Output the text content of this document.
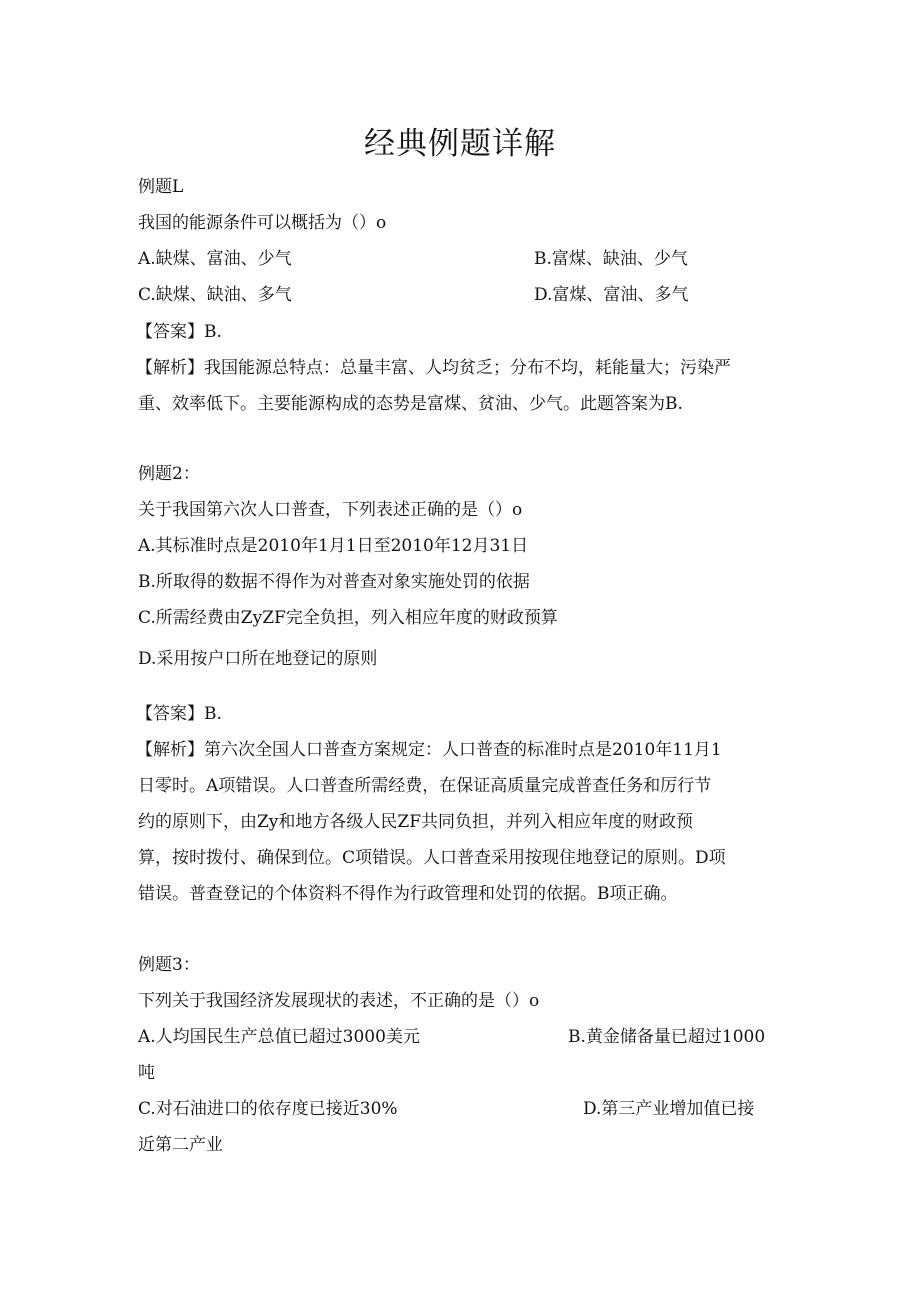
经典例题详解

例题L

我国的能源条件可以概括为（）o

A.缺煤、富油、少气	B.富煤、缺油、少气

C.缺煤、缺油、多气	D.富煤、富油、多气

【答案】B.

【解析】我国能源总特点：总量丰富、人均贫乏；分布不均，耗能量大；污染严

重、效率低下。主要能源构成的态势是富煤、贫油、少气。此题答案为B.

例题2：

关于我国第六次人口普查，下列表述正确的是（）o

A.其标准时点是2010年1月1日至2010年12月31日

B.所取得的数据不得作为对普查对象实施处罚的依据

C.所需经费由ZyZF完全负担，列入相应年度的财政预算

D.采用按户口所在地登记的原则

【答案】B.

【解析】第六次全国人口普查方案规定：人口普查的标准时点是2010年11月1

日零时。A项错误。人口普查所需经费，在保证高质量完成普查任务和厉行节

约的原则下，由Zy和地方各级人民ZF共同负担，并列入相应年度的财政预

算，按时拨付、确保到位。C项错误。人口普查采用按现住地登记的原则。D项

错误。普查登记的个体资料不得作为行政管理和处罚的依据。B项正确。

例题3：

下列关于我国经济发展现状的表述，不正确的是（）o

A.人均国民生产总值已超过3000美元	B.黄金储备量已超过1000

吨

C.对石油进口的依存度已接近30%	D.第三产业增加值已接

近第二产业
